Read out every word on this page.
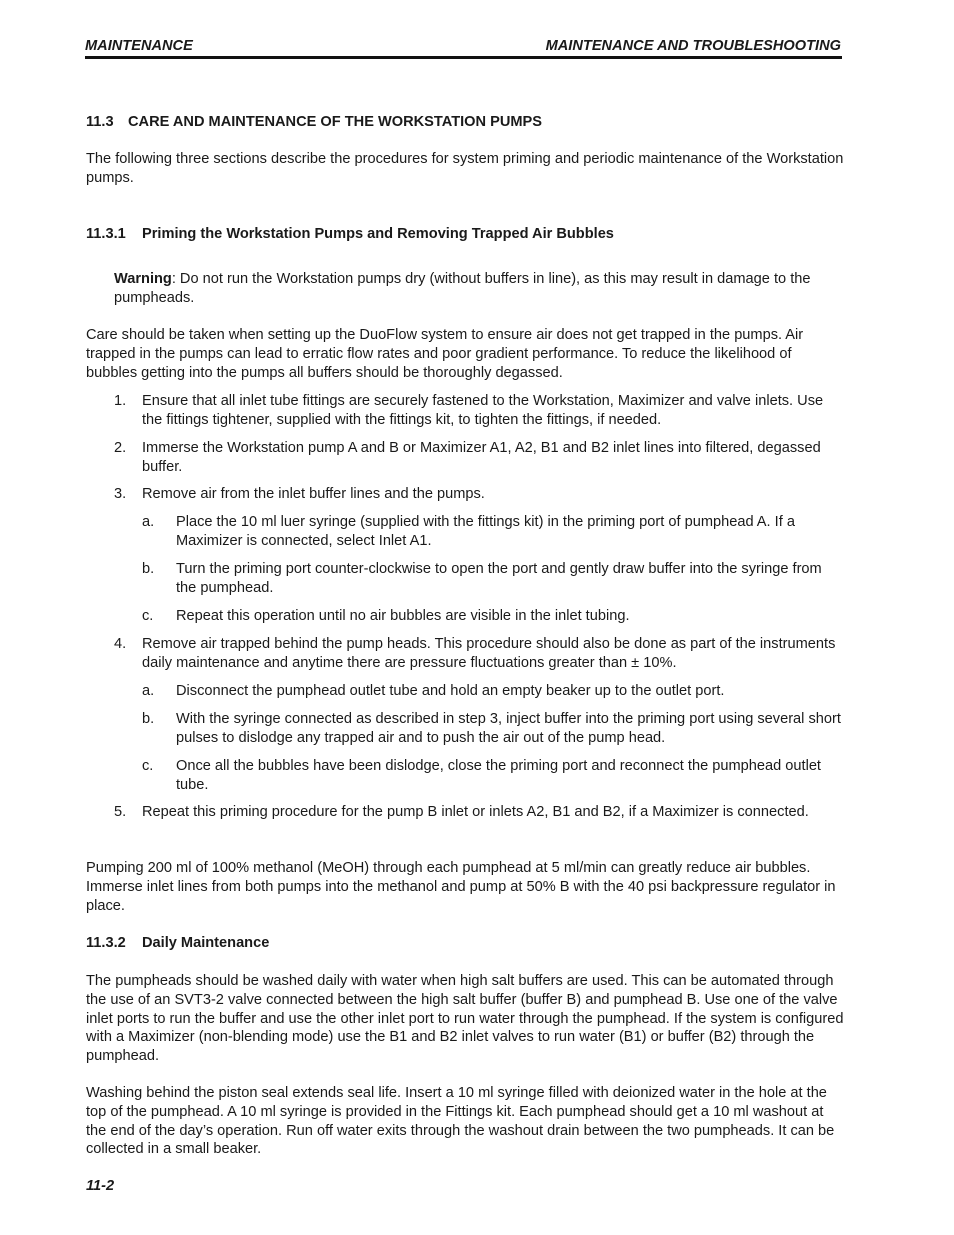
MAINTENANCE	MAINTENANCE AND TROUBLESHOOTING
11.3 CARE AND MAINTENANCE OF THE WORKSTATION PUMPS

The following three sections describe the procedures for system priming and periodic maintenance of the Workstation pumps.

11.3.1 Priming the Workstation Pumps and Removing Trapped Air Bubbles

Warning: Do not run the Workstation pumps dry (without buffers in line), as this may result in damage to the pumpheads.

Care should be taken when setting up the DuoFlow system to ensure air does not get trapped in the pumps. Air trapped in the pumps can lead to erratic flow rates and poor gradient performance. To reduce the likelihood of bubbles getting into the pumps all buffers should be thoroughly degassed.

1. Ensure that all inlet tube fittings are securely fastened to the Workstation, Maximizer and valve inlets. Use the fittings tightener, supplied with the fittings kit, to tighten the fittings, if needed.
2. Immerse the Workstation pump A and B or Maximizer A1, A2, B1 and B2 inlet lines into filtered, degassed buffer.
3. Remove air from the inlet buffer lines and the pumps.
a. Place the 10 ml luer syringe (supplied with the fittings kit) in the priming port of pumphead A. If a Maximizer is connected, select Inlet A1.
b. Turn the priming port counter-clockwise to open the port and gently draw buffer into the syringe from the pumphead.
c. Repeat this operation until no air bubbles are visible in the inlet tubing.
4. Remove air trapped behind the pump heads. This procedure should also be done as part of the instruments daily maintenance and anytime there are pressure fluctuations greater than ± 10%.
a. Disconnect the pumphead outlet tube and hold an empty beaker up to the outlet port.
b. With the syringe connected as described in step 3, inject buffer into the priming port using several short pulses to dislodge any trapped air and to push the air out of the pump head.
c. Once all the bubbles have been dislodge, close the priming port and reconnect the pumphead outlet tube.
5. Repeat this priming procedure for the pump B inlet or inlets A2, B1 and B2, if a Maximizer is connected.

Pumping 200 ml of 100% methanol (MeOH) through each pumphead at 5 ml/min can greatly reduce air bubbles. Immerse inlet lines from both pumps into the methanol and pump at 50% B with the 40 psi backpressure regulator in place.

11.3.2 Daily Maintenance

The pumpheads should be washed daily with water when high salt buffers are used. This can be automated through the use of an SVT3-2 valve connected between the high salt buffer (buffer B) and pumphead B. Use one of the valve inlet ports to run the buffer and use the other inlet port to run water through the pumphead. If the system is configured with a Maximizer (non-blending mode) use the B1 and B2 inlet valves to run water (B1) or buffer (B2) through the pumphead.

Washing behind the piston seal extends seal life. Insert a 10 ml syringe filled with deionized water in the hole at the top of the pumphead. A 10 ml syringe is provided in the Fittings kit. Each pumphead should get a 10 ml washout at the end of the day’s operation. Run off water exits through the washout drain between the two pumpheads. It can be collected in a small beaker.

11-2
